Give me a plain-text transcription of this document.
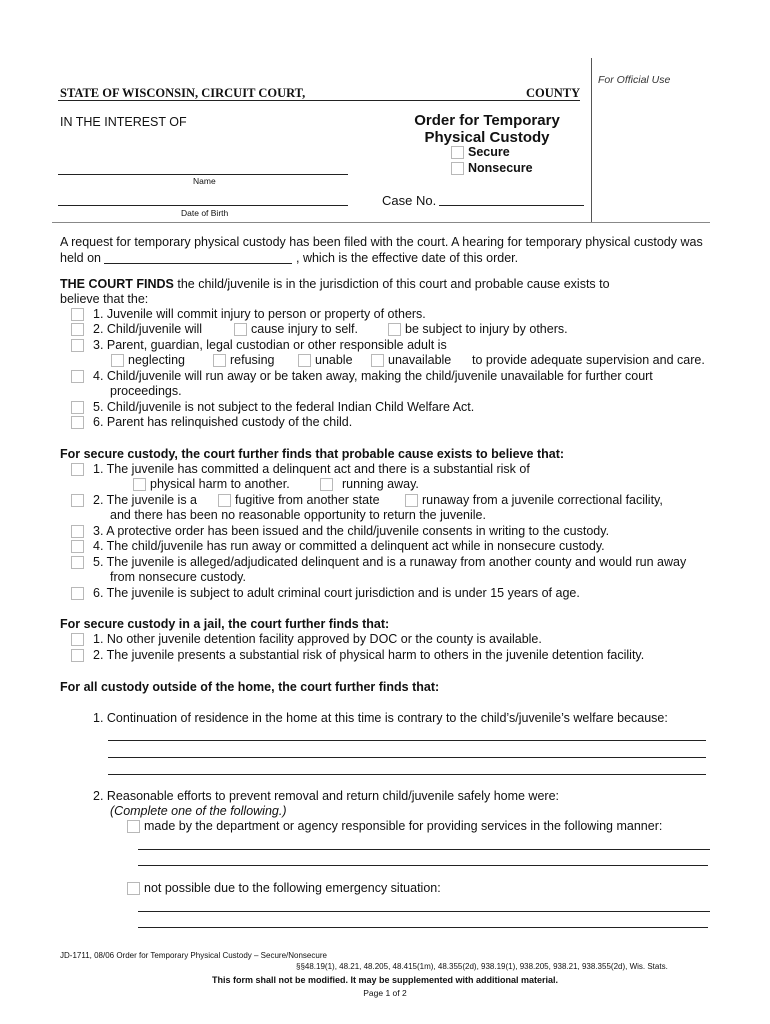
For Official Use
STATE OF WISCONSIN, CIRCUIT COURT,	COUNTY
IN THE INTEREST OF	Order for Temporary
Physical Custody
Secure
Nonsecure
Name
Case No.
Date of Birth
A request for temporary physical custody has been filed with the court. A hearing for temporary physical custody was
held on	, which is the effective date of this order.
THE COURT FINDS the child/juvenile is in the jurisdiction of this court and probable cause exists to
believe that the:
1. Juvenile will commit injury to person or property of others.
2. Child/juvenile will	cause injury to self.	be subject to injury by others.
3. Parent, guardian, legal custodian or other responsible adult is
neglecting	refusing	unable	unavailable to provide adequate supervision and care.
4. Child/juvenile will run away or be taken away, making the child/juvenile unavailable for further court
proceedings.
5. Child/juvenile is not subject to the federal Indian Child Welfare Act.
6. Parent has relinquished custody of the child.
For secure custody, the court further finds that probable cause exists to believe that:
1. The juvenile has committed a delinquent act and there is a substantial risk of
physical harm to another.	running away.
2. The juvenile is a	fugitive from another state	runaway from a juvenile correctional facility,
and there has been no reasonable opportunity to return the juvenile.
3. A protective order has been issued and the child/juvenile consents in writing to the custody.
4. The child/juvenile has run away or committed a delinquent act while in nonsecure custody.
5. The juvenile is alleged/adjudicated delinquent and is a runaway from another county and would run away
from nonsecure custody.
6. The juvenile is subject to adult criminal court jurisdiction and is under 15 years of age.
For secure custody in a jail, the court further finds that:
1. No other juvenile detention facility approved by DOC or the county is available.
2. The juvenile presents a substantial risk of physical harm to others in the juvenile detention facility.
For all custody outside of the home, the court further finds that:
1. Continuation of residence in the home at this time is contrary to the child’s/juvenile’s welfare because:
2. Reasonable efforts to prevent removal and return child/juvenile safely home were:
(Complete one of the following.)
made by the department or agency responsible for providing services in the following manner:
not possible due to the following emergency situation:
JD-1711, 08/06 Order for Temporary Physical Custody – Secure/Nonsecure
§§48.19(1), 48.21, 48.205, 48.415(1m), 48.355(2d), 938.19(1), 938.205, 938.21, 938.355(2d), Wis. Stats.
This form shall not be modified. It may be supplemented with additional material.
Page 1 of 2
